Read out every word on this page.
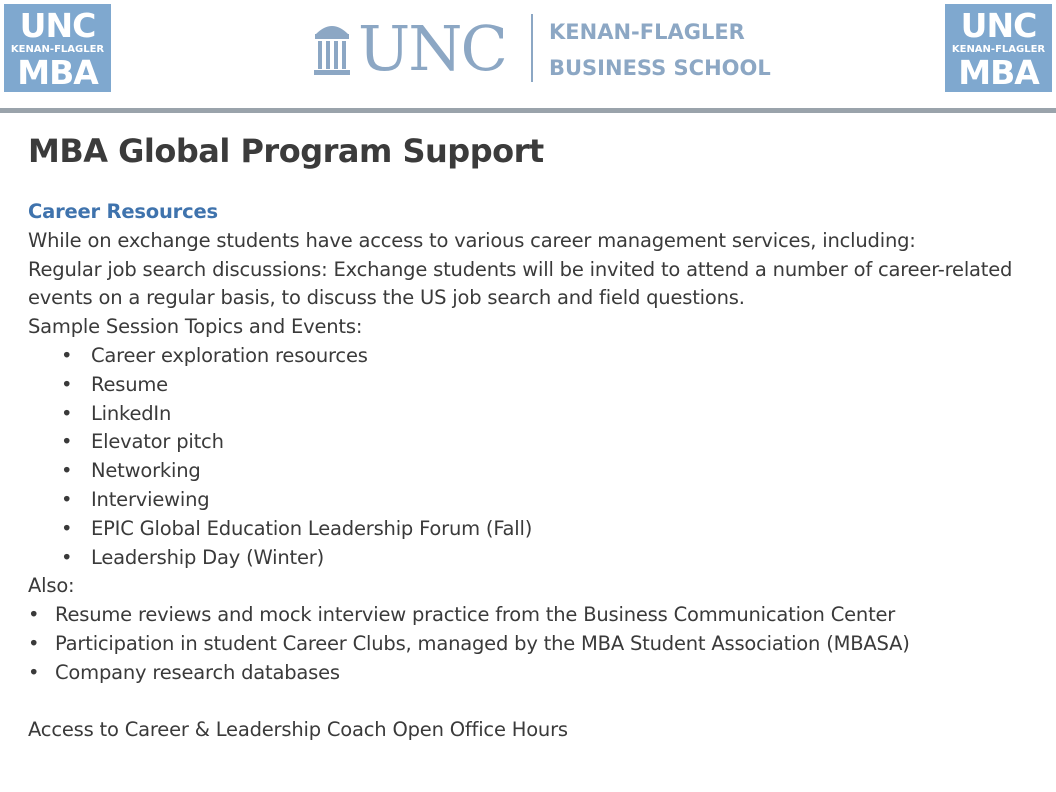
UNC
KENAN-FLAGLER
MBA	UNC KENAN-FLAGLER
BUSINESS SCHOOL
UNC
KENAN-FLAGLER
MBA
MBA Global Program Support
Career Resources
While on exchange students have access to various career management services, including:
Regular job search discussions: Exchange students will be invited to attend a number of career-related events on a regular basis, to discuss the US job search and field questions.
Sample Session Topics and Events:
• Career exploration resources
• Resume
• LinkedIn
• Elevator pitch
• Networking
• Interviewing
• EPIC Global Education Leadership Forum (Fall)
• Leadership Day (Winter)
Also:
• Resume reviews and mock interview practice from the Business Communication Center
• Participation in student Career Clubs, managed by the MBA Student Association (MBASA)
• Company research databases
Access to Career & Leadership Coach Open Office Hours
